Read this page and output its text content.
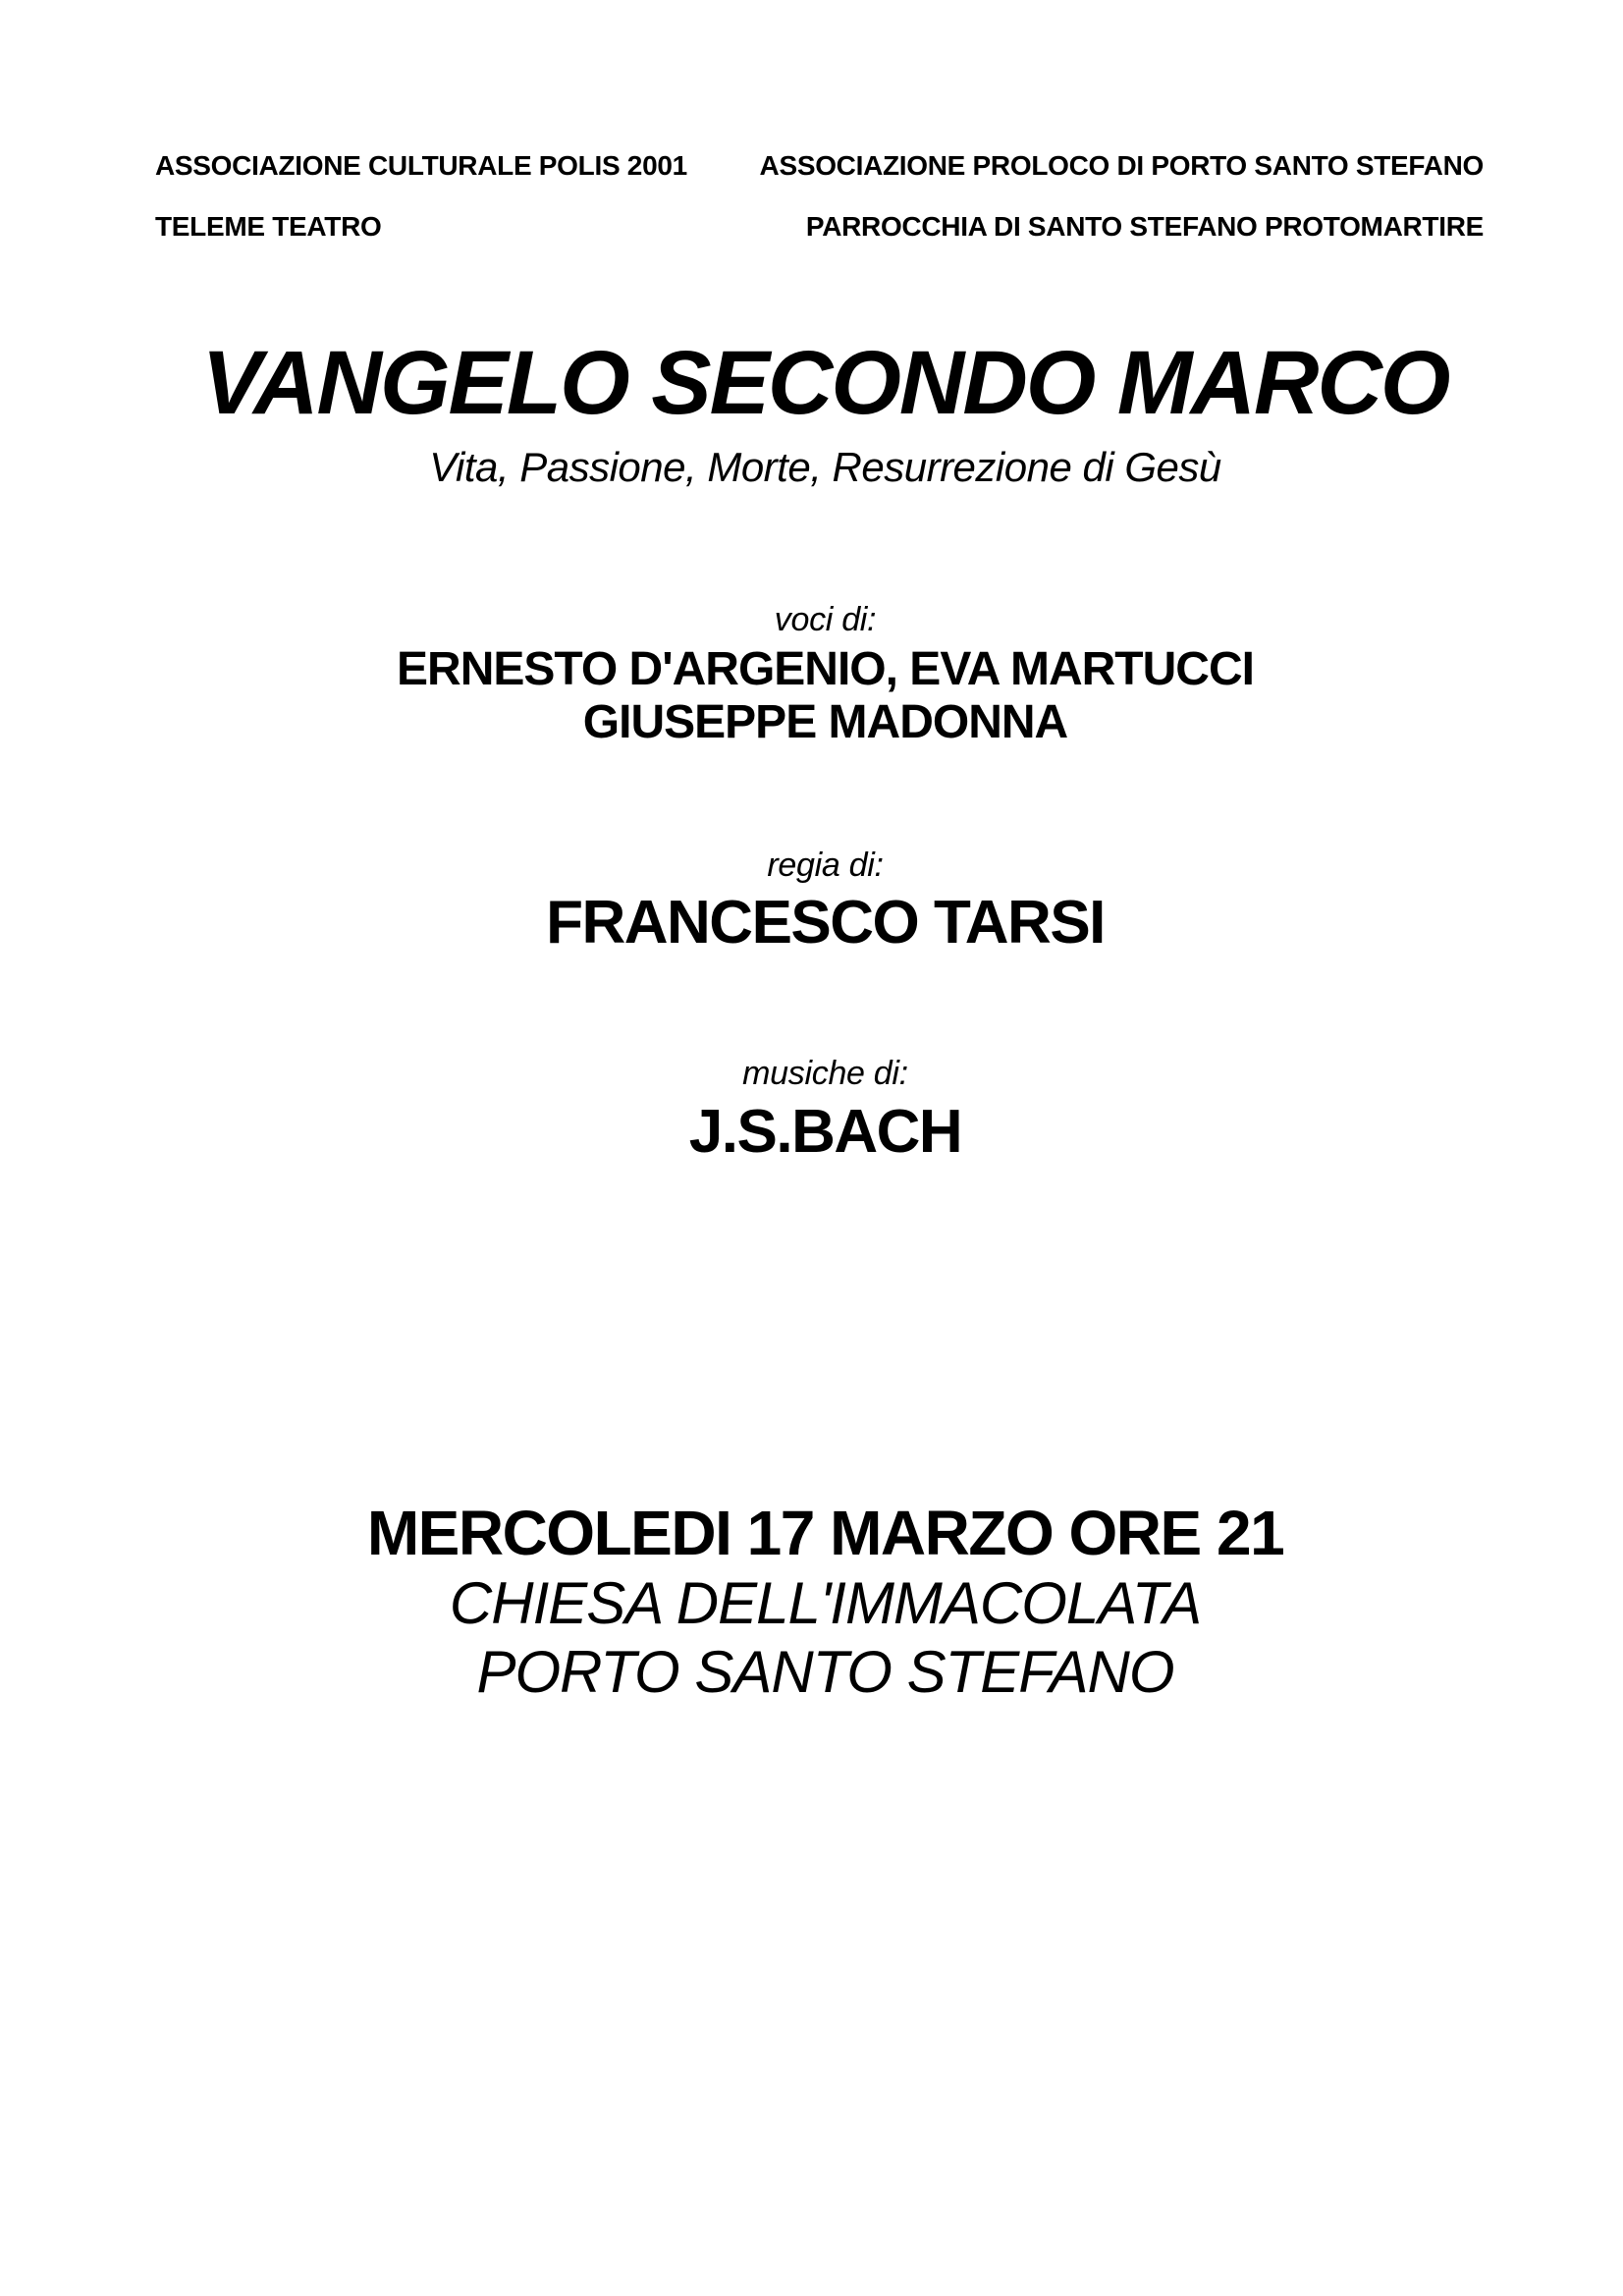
ASSOCIAZIONE CULTURALE POLIS 2001
TELEME TEATRO
ASSOCIAZIONE PROLOCO DI PORTO SANTO STEFANO
PARROCCHIA DI SANTO STEFANO PROTOMARTIRE
VANGELO SECONDO MARCO
Vita, Passione, Morte, Resurrezione di Gesù
voci di:
ERNESTO D'ARGENIO, EVA MARTUCCI
GIUSEPPE MADONNA
regia di:
FRANCESCO TARSI
musiche di:
J.S.BACH
MERCOLEDI 17 MARZO ORE 21
CHIESA DELL'IMMACOLATA
PORTO SANTO STEFANO
